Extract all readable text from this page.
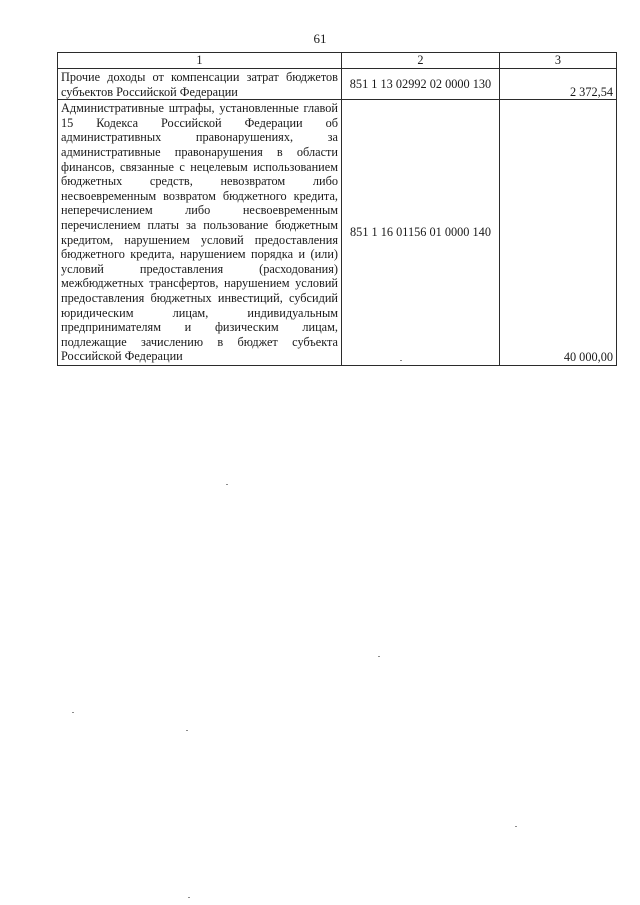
61
1	2	3
Прочие доходы от компенсации затрат бюджетов субъектов Российской Федерации	851 1 13 02992 02 0000 130	2 372,54
Административные штрафы, установленные главой 15 Кодекса Российской Федерации об административных правонарушениях, за административные правонарушения в области финансов, связанные с нецелевым использованием бюджетных средств, невозвратом либо несвоевременным возвратом бюджетного кредита, неперечислением либо несвоевременным перечислением платы за пользование бюджетным кредитом, нарушением условий предоставления бюджетного кредита, нарушением порядка и (или) условий предоставления (расходования) межбюджетных трансфертов, нарушением условий предоставления бюджетных инвестиций, субсидий юридическим лицам, индивидуальным предпринимателям и физическим лицам, подлежащие зачислению в бюджет субъекта Российской Федерации	851 1 16 01156 01 0000 140	40 000,00
